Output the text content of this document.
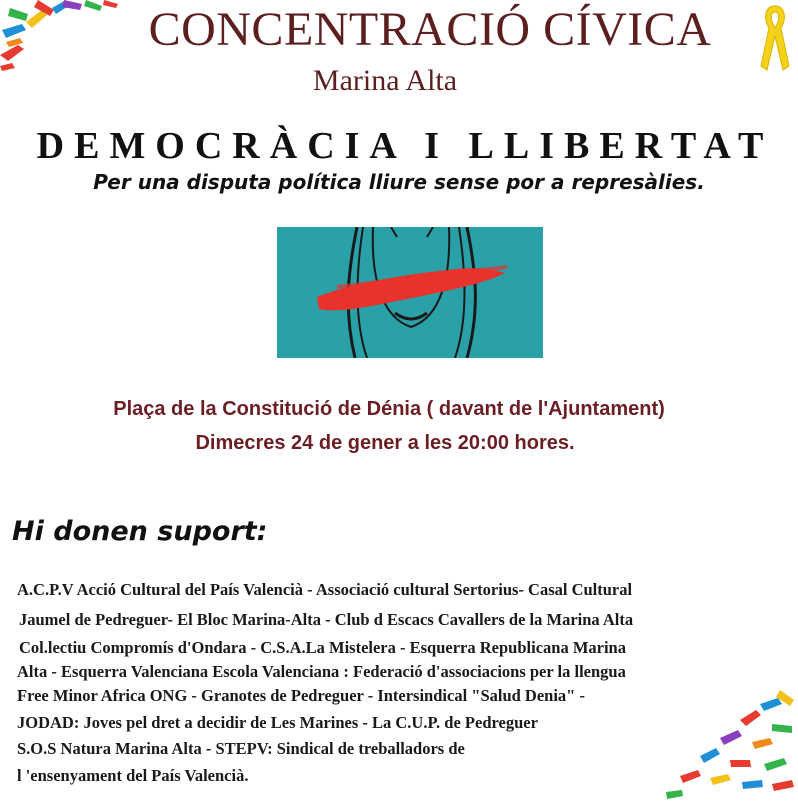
CONCENTRACIÓ CÍVICA
Marina Alta
DEMOCRÀCIA I LLIBERTAT
Per una disputa política lliure sense por a represàlies.
Plaça de la Constitució de Dénia ( davant de l'Ajuntament)
Dimecres 24 de gener a les 20:00 hores.
Hi donen suport:
A.C.P.V Acció Cultural del País Valencià - Associació cultural Sertorius- Casal Cultural
Jaumel de Pedreguer- El Bloc Marina-Alta - Club d Escacs Cavallers de la Marina Alta
Col.lectiu Compromís d'Ondara - C.S.A.La Mistelera - Esquerra Republicana Marina
Alta - Esquerra Valenciana Escola Valenciana : Federació d'associacions per la llengua
Free Minor Africa ONG - Granotes de Pedreguer - Intersindical "Salud Denia" -
JODAD: Joves pel dret a decidir de Les Marines - La C.U.P. de Pedreguer
S.O.S Natura Marina Alta - STEPV: Sindical de treballadors de
l 'ensenyament del País Valencià.
